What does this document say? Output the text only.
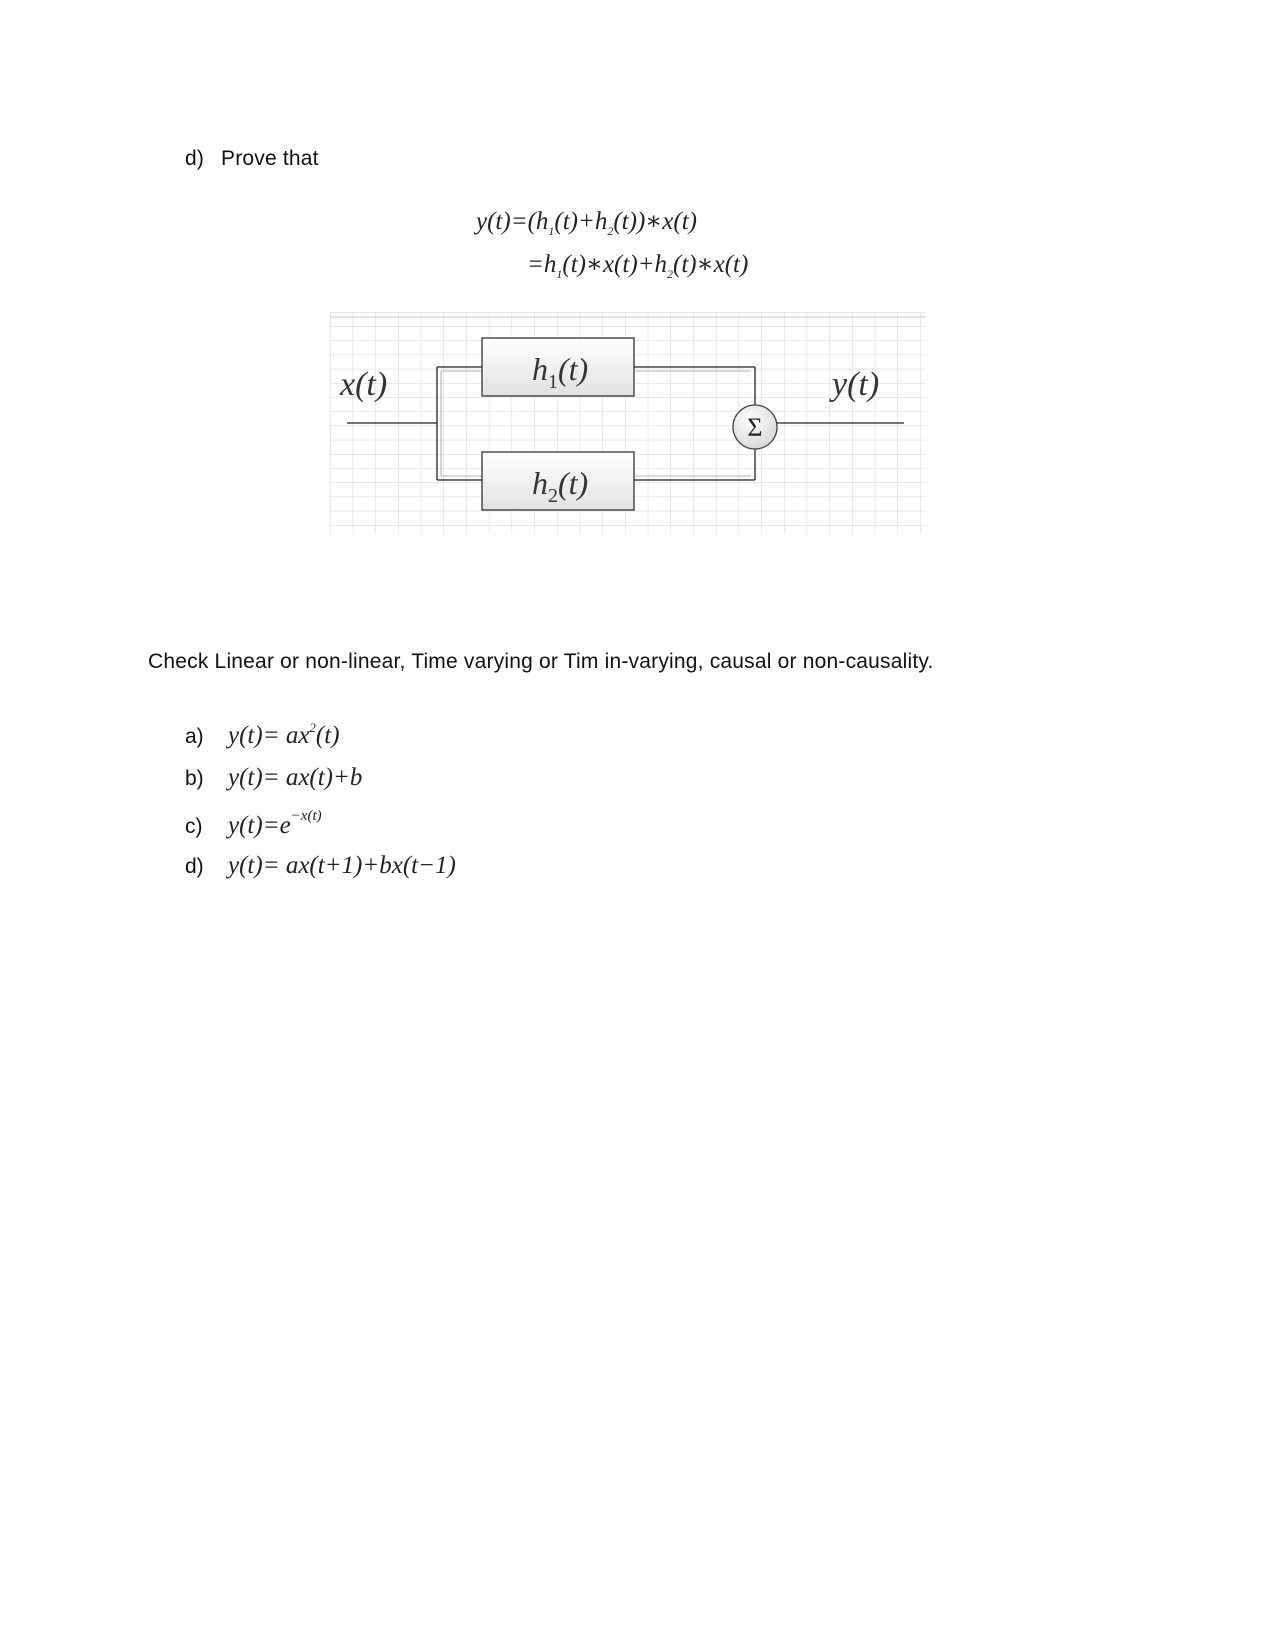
d) Prove that
$y(t)=(h_1(t)+h_2(t))∗x(t)$
$=h_1(t)∗x(t)+h_2(t)∗x(t)$
Σ
x(t)	y(t)
$h_1(t)$
$h_2(t)$
Check Linear or non-linear, Time varying or Tim in-varying, causal or non-causality.
a) $y(t)= ax^2(t)$
b) y(t)= ax(t)+b
c)	$y(t)=e^{-x(t)}$
d) y(t)= ax(t+1)+bx(t−1)
